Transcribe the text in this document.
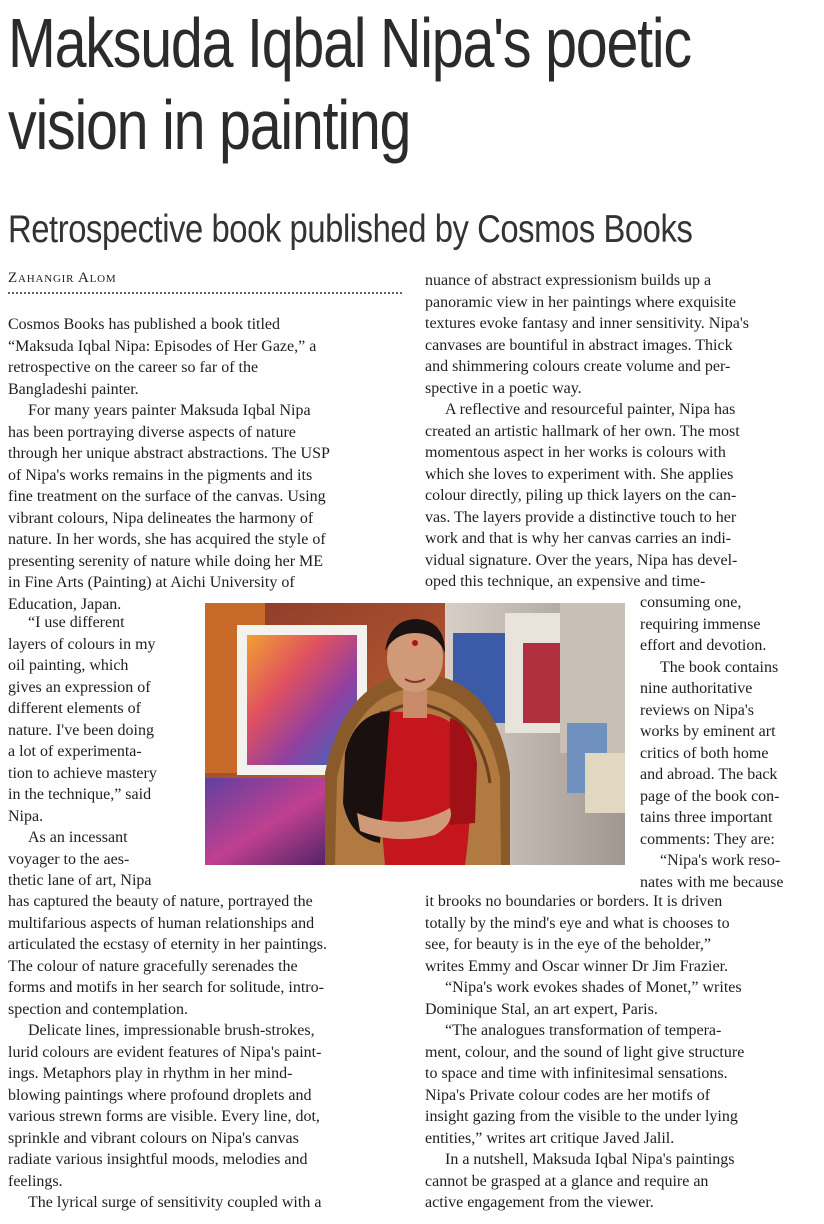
Maksuda Iqbal Nipa's poetic
vision in painting
Retrospective book published by Cosmos Books
Zahangir Alom
Cosmos Books has published a book titled
“Maksuda Iqbal Nipa: Episodes of Her Gaze,” a
retrospective on the career so far of the
Bangladeshi painter.
For many years painter Maksuda Iqbal Nipa
has been portraying diverse aspects of nature
through her unique abstract abstractions. The USP
of Nipa's works remains in the pigments and its
fine treatment on the surface of the canvas. Using
vibrant colours, Nipa delineates the harmony of
nature. In her words, she has acquired the style of
presenting serenity of nature while doing her ME
in Fine Arts (Painting) at Aichi University of
Education, Japan.
“I use different
layers of colours in my
oil painting, which
gives an expression of
different elements of
nature. I've been doing
a lot of experimenta-
tion to achieve mastery
in the technique,” said
Nipa.
As an incessant
voyager to the aes-
thetic lane of art, Nipa
has captured the beauty of nature, portrayed the
multifarious aspects of human relationships and
articulated the ecstasy of eternity in her paintings.
The colour of nature gracefully serenades the
forms and motifs in her search for solitude, intro-
spection and contemplation.
Delicate lines, impressionable brush-strokes,
lurid colours are evident features of Nipa's paint-
ings. Metaphors play in rhythm in her mind-
blowing paintings where profound droplets and
various strewn forms are visible. Every line, dot,
sprinkle and vibrant colours on Nipa's canvas
radiate various insightful moods, melodies and
feelings.
The lyrical surge of sensitivity coupled with a
nuance of abstract expressionism builds up a
panoramic view in her paintings where exquisite
textures evoke fantasy and inner sensitivity. Nipa's
canvases are bountiful in abstract images. Thick
and shimmering colours create volume and per-
spective in a poetic way.
A reflective and resourceful painter, Nipa has
created an artistic hallmark of her own. The most
momentous aspect in her works is colours with
which she loves to experiment with. She applies
colour directly, piling up thick layers on the can-
vas. The layers provide a distinctive touch to her
work and that is why her canvas carries an indi-
vidual signature. Over the years, Nipa has devel-
oped this technique, an expensive and time-
consuming one,
requiring immense
effort and devotion.
The book contains
nine authoritative
reviews on Nipa's
works by eminent art
critics of both home
and abroad. The back
page of the book con-
tains three important
comments: They are:
“Nipa's work reso-
nates with me because
it brooks no boundaries or borders. It is driven
totally by the mind's eye and what is chooses to
see, for beauty is in the eye of the beholder,”
writes Emmy and Oscar winner Dr Jim Frazier.
“Nipa's work evokes shades of Monet,” writes
Dominique Stal, an art expert, Paris.
“The analogues transformation of tempera-
ment, colour, and the sound of light give structure
to space and time with infinitesimal sensations.
Nipa's Private colour codes are her motifs of
insight gazing from the visible to the under lying
entities,” writes art critique Javed Jalil.
In a nutshell, Maksuda Iqbal Nipa's paintings
cannot be grasped at a glance and require an
active engagement from the viewer.
